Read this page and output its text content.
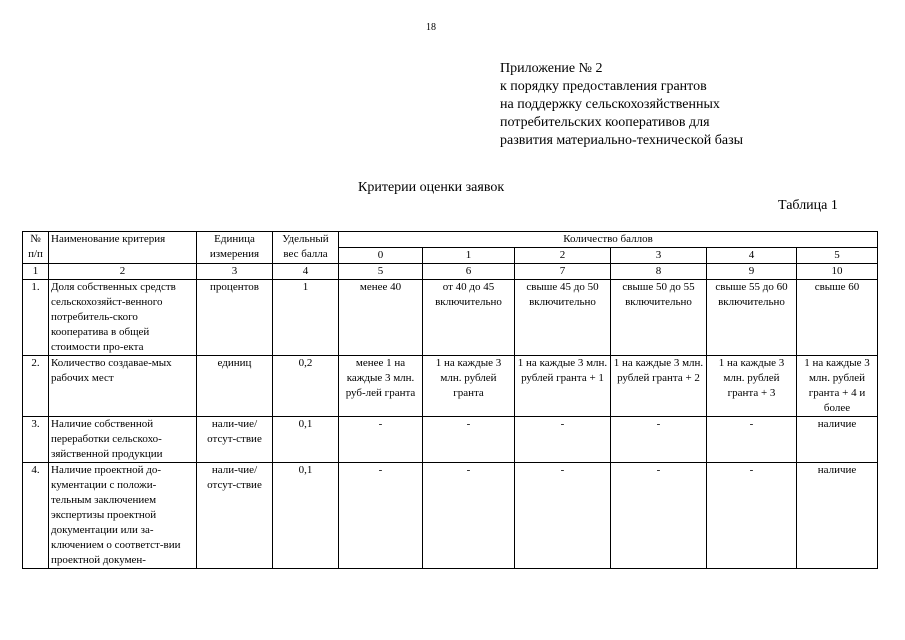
18
Приложение № 2
к порядку предоставления грантов
на поддержку сельскохозяйственных
потребительских кооперативов для
развития материально-технической базы
Критерии оценки заявок
Таблица 1
№ п/п	Наименование критерия	Единица измерения	Удельный вес балла	Количество баллов					
				0	1	2	3	4	5
1	2	3	4	5	6	7	8	9	10
1.	Доля собственных средств сельскохозяйст-венного потребитель-ского кооператива в общей стоимости про-екта	процентов	1	менее 40	от 40 до 45 включительно	свыше 45 до 50 включительно	свыше 50 до 55 включительно	свыше 55 до 60 включительно	свыше 60
2.	Количество создавае-мых рабочих мест	единиц	0,2	менее 1 на каждые 3 млн. руб-лей гранта	1 на каждые 3 млн. рублей гранта	1 на каждые 3 млн. рублей гранта + 1	1 на каждые 3 млн. рублей гранта + 2	1 на каждые 3 млн. рублей гранта + 3	1 на каждые 3 млн. рублей гранта + 4 и более
3.	Наличие собственной переработки сельскохо-зяйственной продукции	нали-чие/отсут-ствие	0,1	-	-	-	-	-	наличие
4.	Наличие проектной до-кументации с положи-тельным заключением экспертизы проектной документации или за-ключением о соответст-вии проектной докумен-	нали-чие/отсут-ствие	0,1	-	-	-	-	-	наличие
